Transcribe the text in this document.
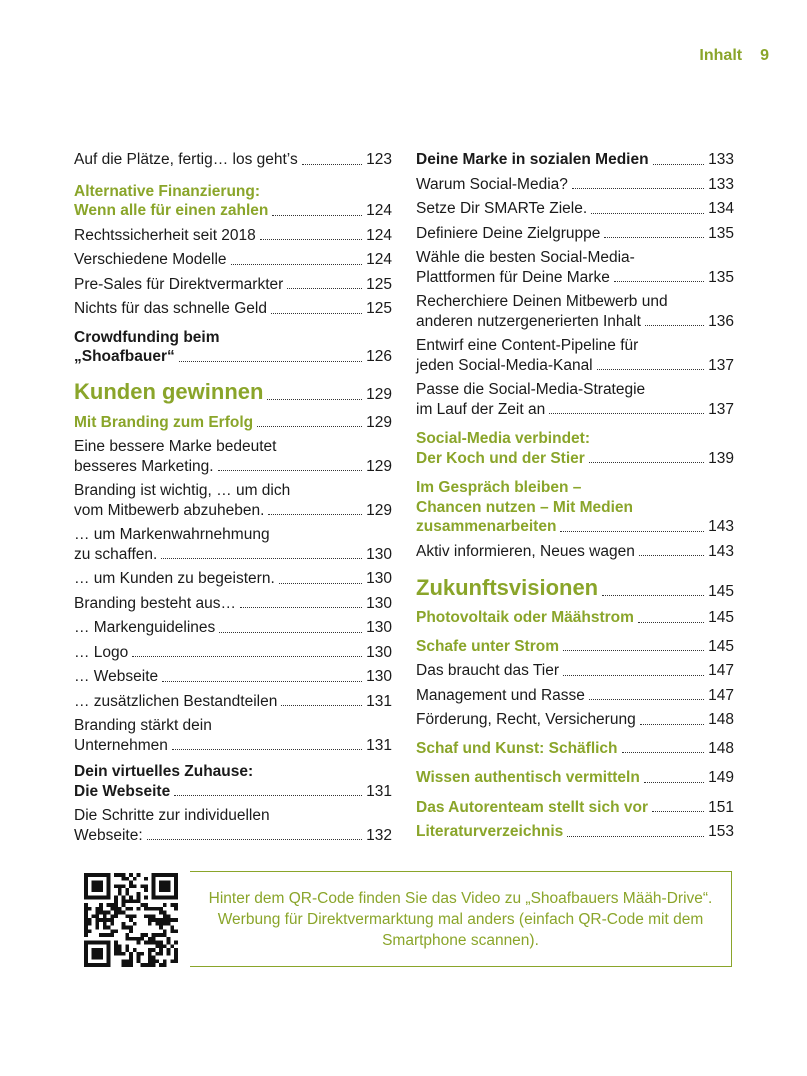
Inhalt 9
Auf die Plätze, fertig… los geht’s	123
Alternative Finanzierung:
Wenn alle für einen zahlen	124
Rechtssicherheit seit 2018	124
Verschiedene Modelle	124
Pre-Sales für Direktvermarkter	125
Nichts für das schnelle Geld	125
Crowdfunding beim
„Shoafbauer“	126
Kunden gewinnen	129
Mit Branding zum Erfolg	129
Eine bessere Marke bedeutet
besseres Marketing.	129
Branding ist wichtig, … um dich
vom Mitbewerb abzuheben.	129
… um Markenwahrnehmung
zu schaffen.	130
… um Kunden zu begeistern.	130
Branding besteht aus…	130
… Markenguidelines	130
… Logo	130
… Webseite	130
… zusätzlichen Bestandteilen	131
Branding stärkt dein
Unternehmen	131
Dein virtuelles Zuhause:
Die Webseite	131
Die Schritte zur individuellen
Webseite:	132
Deine Marke in sozialen Medien	133
Warum Social-Media?	133
Setze Dir SMARTe Ziele.	134
Definiere Deine Zielgruppe	135
Wähle die besten Social-Media-
Plattformen für Deine Marke	135
Recherchiere Deinen Mitbewerb und
anderen nutzergenerierten Inhalt	136
Entwirf eine Content-Pipeline für
jeden Social-Media-Kanal	137
Passe die Social-Media-Strategie
im Lauf der Zeit an	137
Social-Media verbindet:
Der Koch und der Stier	139
Im Gespräch bleiben –
Chancen nutzen – Mit Medien
zusammenarbeiten	143
Aktiv informieren, Neues wagen	143
Zukunftsvisionen	145
Photovoltaik oder Määhstrom	145
Schafe unter Strom	145
Das braucht das Tier	147
Management und Rasse	147
Förderung, Recht, Versicherung	148
Schaf und Kunst: Schäflich	148
Wissen authentisch vermitteln	149
Das Autorenteam stellt sich vor	151
Literaturverzeichnis	153
Hinter dem QR-Code finden Sie das Video zu „Shoafbauers Määh-Drive“.
Werbung für Direktvermarktung mal anders (einfach QR-Code mit dem
Smartphone scannen).
